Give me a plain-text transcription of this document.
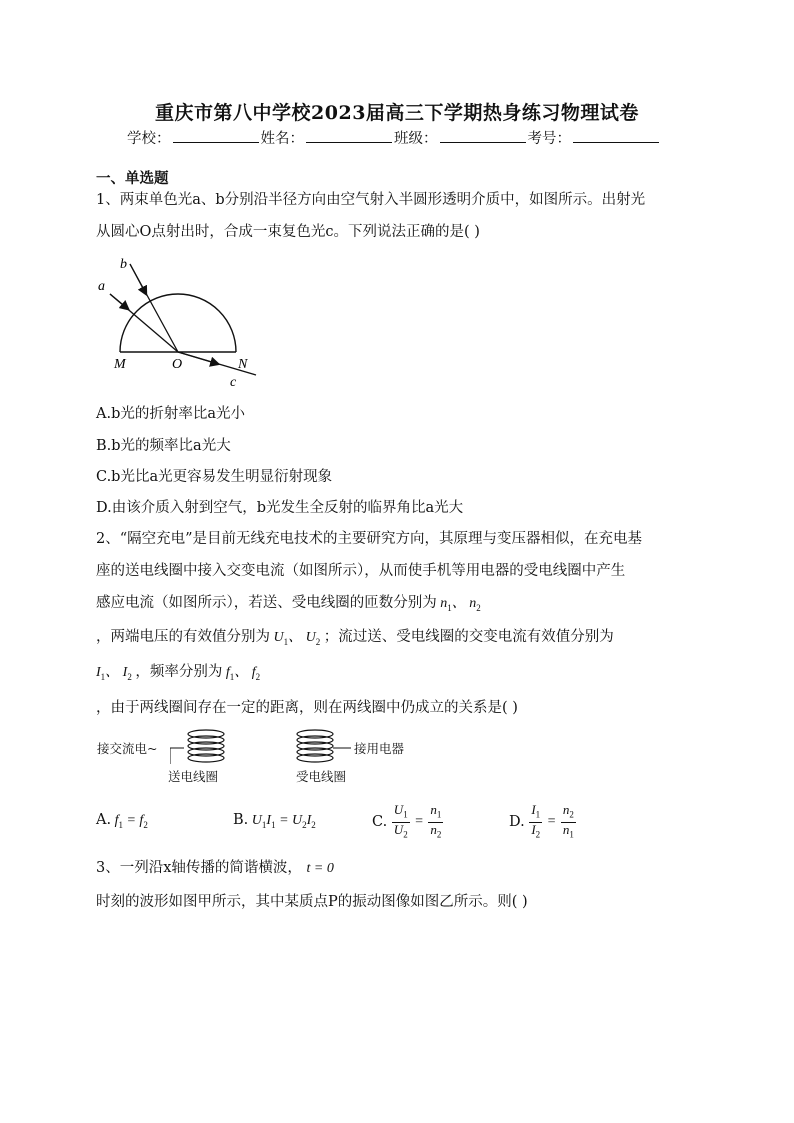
重庆市第八中学校2023届高三下学期热身练习物理试卷
学校：	姓名：	班级：	考号：
一、单选题
1、两束单色光a、b分别沿半径方向由空气射入半圆形透明介质中，如图所示。出射光
从圆心O点射出时，合成一束复色光c。下列说法正确的是( )
b
a
M	O	N
c
A.b光的折射率比a光小
B.b光的频率比a光大
C.b光比a光更容易发生明显衍射现象
D.由该介质入射到空气，b光发生全反射的临界角比a光大
2、“隔空充电”是目前无线充电技术的主要研究方向，其原理与变压器相似，在充电基
座的送电线圈中接入交变电流（如图所示），从而使手机等用电器的受电线圈中产生
感应电流（如图所示），若送、受电线圈的匝数分别为 $n_1$、 $n_2$
，两端电压的有效值分别为 $U_1$、 $U_2$ ；流过送、受电线圈的交变电流有效值分别为
$I_1$、 $I_2$ ，频率分别为 $f_1$、 $f_2$
，由于两线圈间存在一定的距离，则在两线圈中仍成立的关系是( )
接交流电~
送电线圈
接用电器
受电线圈
A. $f_1 = f_2$	B. $U_1I_1 = U_2I_2$	C. $\frac{U_1}{U_2} = \frac{n_1}{n_2}$	D. $\frac{I_1}{I_2} = \frac{n_2}{n_1}$
3、一列沿x轴传播的简谐横波， t = 0
时刻的波形如图甲所示，其中某质点P的振动图像如图乙所示。则( )
